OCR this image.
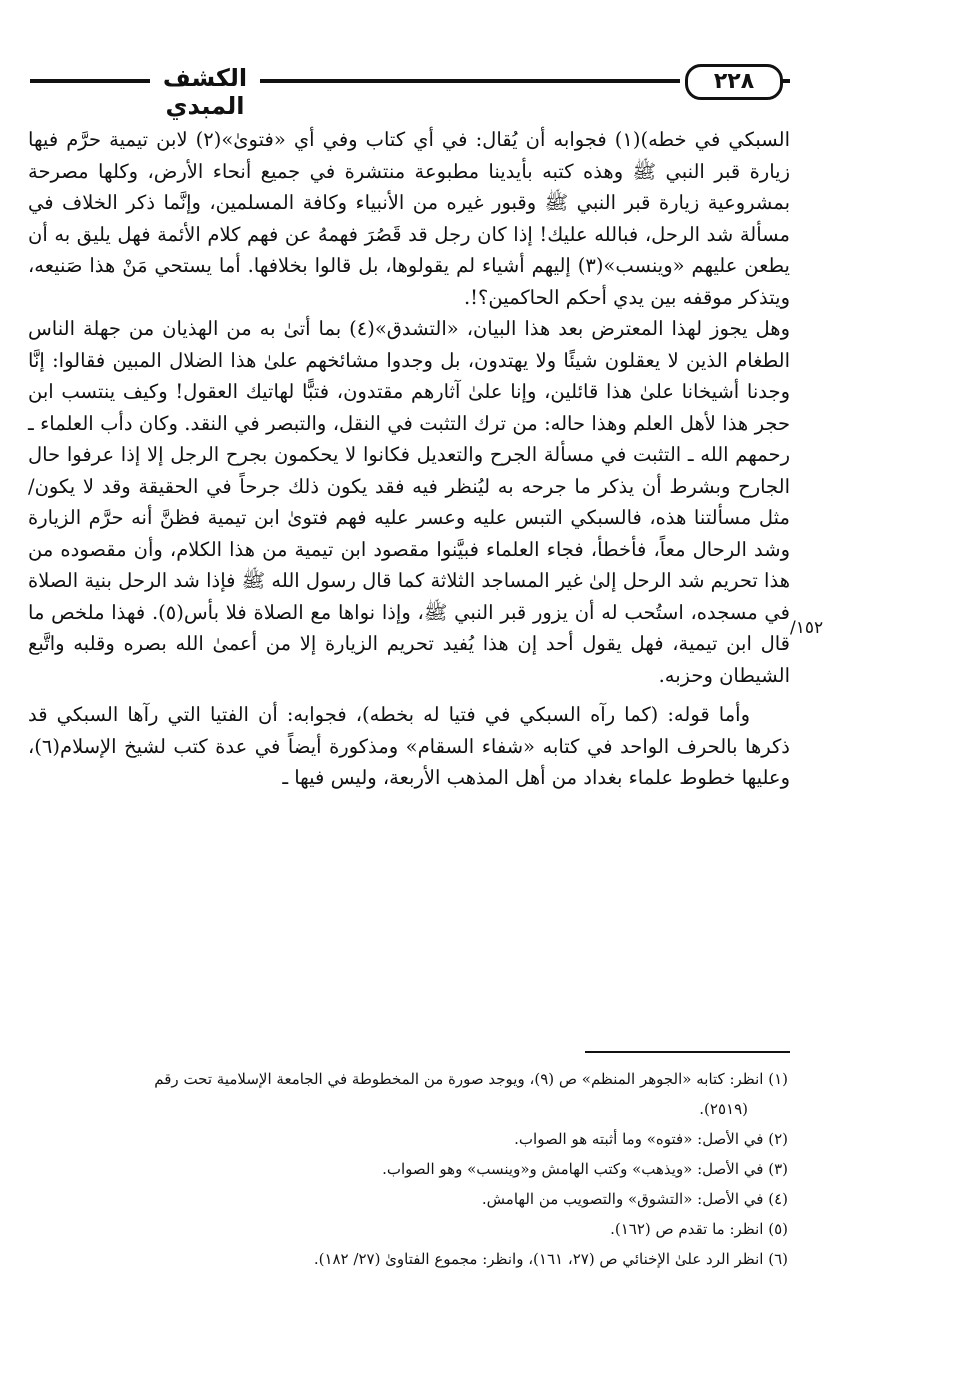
الكشف المبدي
٢٢٨

السبكي في خطه)(١) فجوابه أن يُقال: في أي كتاب وفي أي «فتوىٰ»(٢) لابن تيمية حرَّم فيها زيارة قبر النبي ﷺ وهذه كتبه بأيدينا مطبوعة منتشرة في جميع أنحاء الأرض، وكلها مصرحة بمشروعية زيارة قبر النبي ﷺ وقبور غيره من الأنبياء وكافة المسلمين، وإنَّما ذكر الخلاف في مسألة شد الرحل، فبالله عليك! إذا كان رجل قد قَصُرَ فهمهُ عن فهم كلام الأئمة فهل يليق به أن يطعن عليهم «وينسب»(٣) إليهم أشياء لم يقولوها، بل قالوا بخلافها. أما يستحي مَنْ هذا صَنيعه، ويتذكر موقفه بين يدي أحكم الحاكمين؟!.

وهل يجوز لهذا المعترض بعد هذا البيان، «التشدق»(٤) بما أتىٰ به من الهذيان من جهلة الناس الطغام الذين لا يعقلون شيئًا ولا يهتدون، بل وجدوا مشائخهم علىٰ هذا الضلال المبين فقالوا: إنَّا وجدنا أشيخانا علىٰ هذا قائلين، وإنا علىٰ آثارهم مقتدون، فتبًّا لهاتيك العقول! وكيف ينتسب ابن حجر هذا لأهل العلم وهذا حاله: من ترك التثبت في النقل، والتبصر في النقد. وكان دأب العلماء ـ رحمهم الله ـ التثبت في مسألة الجرح والتعديل فكانوا لا يحكمون بجرح الرجل إلا إذا عرفوا حال الجارح وبشرط أن يذكر ما جرحه به ليُنظر فيه فقد يكون ذلك جرحاً في الحقيقة وقد لا يكون/ مثل مسألتنا هذه، فالسبكي التبس عليه وعسر عليه فهم فتوىٰ ابن تيمية فظنَّ أنه حرَّم الزيارة وشد الرحال معاً، فأخطأ، فجاء العلماء فبيَّنوا مقصود ابن تيمية من هذا الكلام، وأن مقصوده من هذا تحريم شد الرحل إلىٰ غير المساجد الثلاثة كما قال رسول الله ﷺ فإذا شد الرحل بنية الصلاة في مسجده، استُحب له أن يزور قبر النبي ﷺ، وإذا نواها مع الصلاة فلا بأس(٥). فهذا ملخص ما قال ابن تيمية، فهل يقول أحد إن هذا يُفيد تحريم الزيارة إلا من أعمىٰ الله بصره وقلبه واتَّبع الشيطان وحزبه.

وأما قوله: (كما رآه السبكي في فتيا له بخطه)، فجوابه: أن الفتيا التي رآها السبكي قد ذكرها بالحرف الواحد في كتابه «شفاء السقام» ومذكورة أيضاً في عدة كتب لشيخ الإسلام(٦)، وعليها خطوط علماء بغداد من أهل المذهب الأربعة، وليس فيها ـ

/١٥٢

(١) انظر: كتابه «الجوهر المنظم» ص (٩)، ويوجد صورة من المخطوطة في الجامعة الإسلامية تحت رقم

(٢٥١٩).

(٢) في الأصل: «فتوه» وما أثبته هو الصواب.

(٣) في الأصل: «ويذهب» وكتب الهامش و«وينسب» وهو الصواب.

(٤) في الأصل: «التشوق» والتصويب من الهامش.

(٥) انظر: ما تقدم ص (١٦٢).

(٦) انظر الرد علىٰ الإخنائي ص (٢٧، ١٦١)، وانظر: مجموع الفتاوىٰ (٢٧/ ١٨٢).
